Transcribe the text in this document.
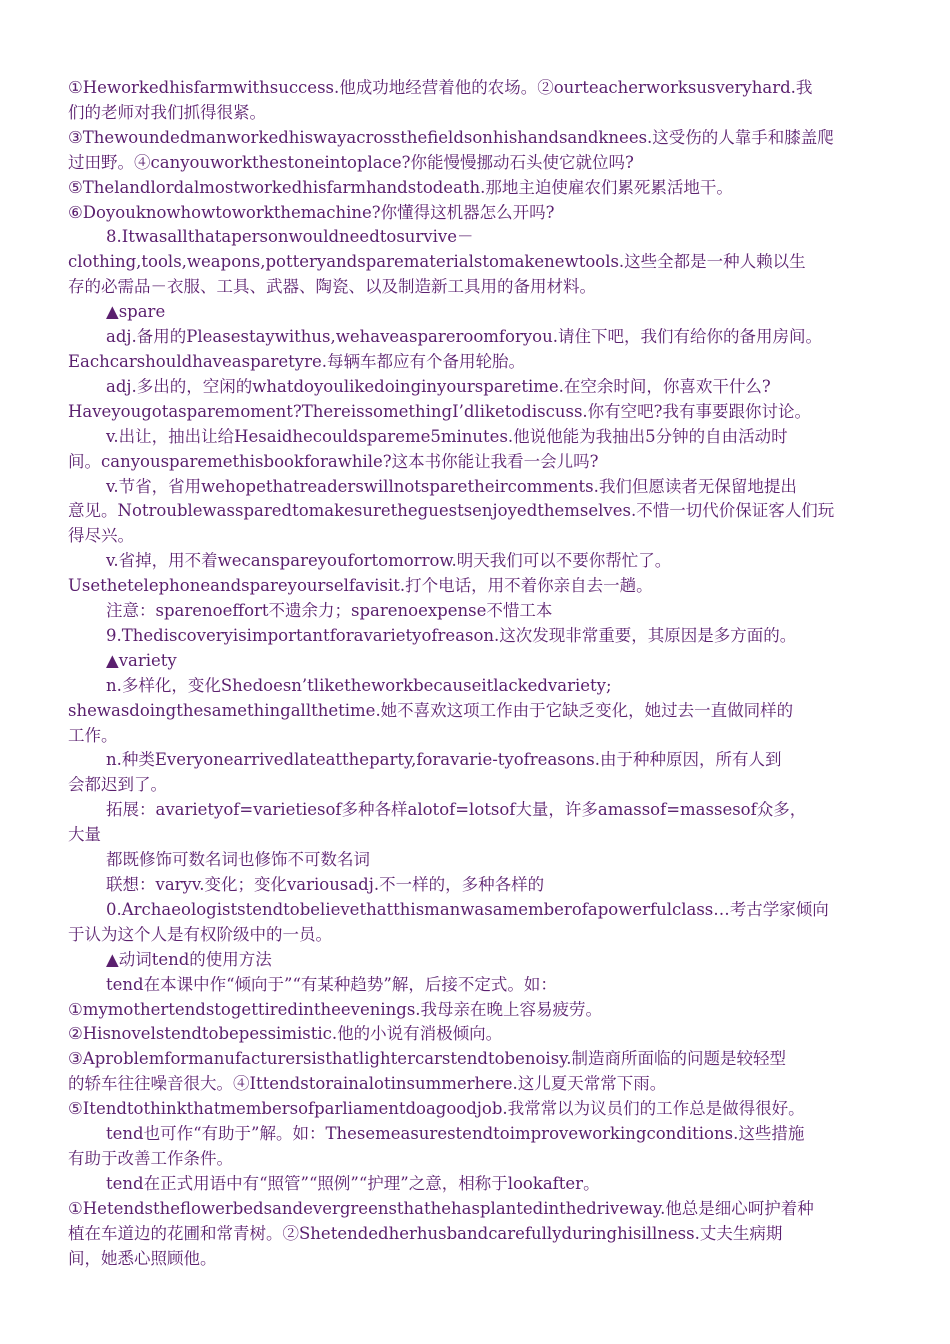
①Heworkedhisfarmwithsuccess.他成功地经营着他的农场。②ourteacherworksusveryhard.我
们的老师对我们抓得很紧。
③Thewoundedmanworkedhiswayacrossthefieldsonhishandsandknees.这受伤的人靠手和膝盖爬
过田野。④canyouworkthestoneintoplace?你能慢慢挪动石头使它就位吗?
⑤Thelandlordalmostworkedhisfarmhandstodeath.那地主迫使雇农们累死累活地干。
⑥Doyouknowhowtoworkthemachine?你懂得这机器怎么开吗?
8.Itwasallthatapersonwouldneedtosurvive－
clothing,tools,weapons,potteryandsparematerialstomakenewtools.这些全都是一种人赖以生
存的必需品－衣服、工具、武器、陶瓷、以及制造新工具用的备用材料。
▲spare
adj.备用的Pleasestaywithus,wehaveaspareroomforyou.请住下吧，我们有给你的备用房间。
Eachcarshouldhaveasparetyre.每辆车都应有个备用轮胎。
adj.多出的，空闲的whatdoyoulikedoinginyoursparetime.在空余时间，你喜欢干什么?
Haveyougotasparemoment?ThereissomethingI’dliketodiscuss.你有空吧?我有事要跟你讨论。
v.出让，抽出让给Hesaidhecouldspareme5minutes.他说他能为我抽出5分钟的自由活动时
间。canyousparemethisbookforawhile?这本书你能让我看一会儿吗?
v.节省，省用wehopethatreaderswillnotsparetheircomments.我们但愿读者无保留地提出
意见。Notroublewassparedtomakesuretheguestsenjoyedthemselves.不惜一切代价保证客人们玩
得尽兴。
v.省掉，用不着wecanspareyoufortomorrow.明天我们可以不要你帮忙了。
Usethetelephoneandspareyourselfavisit.打个电话，用不着你亲自去一趟。
注意：sparenoeffort不遗余力；sparenoexpense不惜工本
9.Thediscoveryisimportantforavarietyofreason.这次发现非常重要，其原因是多方面的。
▲variety
n.多样化，变化Shedoesn’tliketheworkbecauseitlackedvariety;
shewasdoingthesamethingallthetime.她不喜欢这项工作由于它缺乏变化，她过去一直做同样的
工作。
n.种类Everyonearrivedlateattheparty,foravarie-tyofreasons.由于种种原因，所有人到
会都迟到了。
拓展：avarietyof=varietiesof多种各样alotof=lotsof大量，许多amassof=massesof众多，
大量
都既修饰可数名词也修饰不可数名词
联想：varyv.变化；变化variousadj.不一样的，多种各样的
0.Archaeologiststendtobelievethatthismanwasamemberofapowerfulclass…考古学家倾向
于认为这个人是有权阶级中的一员。
▲动词tend的使用方法
tend在本课中作“倾向于”“有某种趋势”解，后接不定式。如：
①mymothertendstogettiredintheevenings.我母亲在晚上容易疲劳。
②Hisnovelstendtobepessimistic.他的小说有消极倾向。
③Aproblemformanufacturersisthatlightercarstendtobenoisy.制造商所面临的问题是较轻型
的轿车往往噪音很大。④Ittendstorainalotinsummerhere.这儿夏天常常下雨。
⑤Itendtothinkthatmembersofparliamentdoagoodjob.我常常以为议员们的工作总是做得很好。
tend也可作“有助于”解。如：Thesemeasurestendtoimproveworkingconditions.这些措施
有助于改善工作条件。
tend在正式用语中有“照管”“照例”“护理”之意，相称于lookafter。
①Hetendstheflowerbedsandevergreensthathehasplantedinthedriveway.他总是细心呵护着种
植在车道边的花圃和常青树。②Shetendedherhusbandcarefullyduringhisillness.丈夫生病期
间，她悉心照顾他。
